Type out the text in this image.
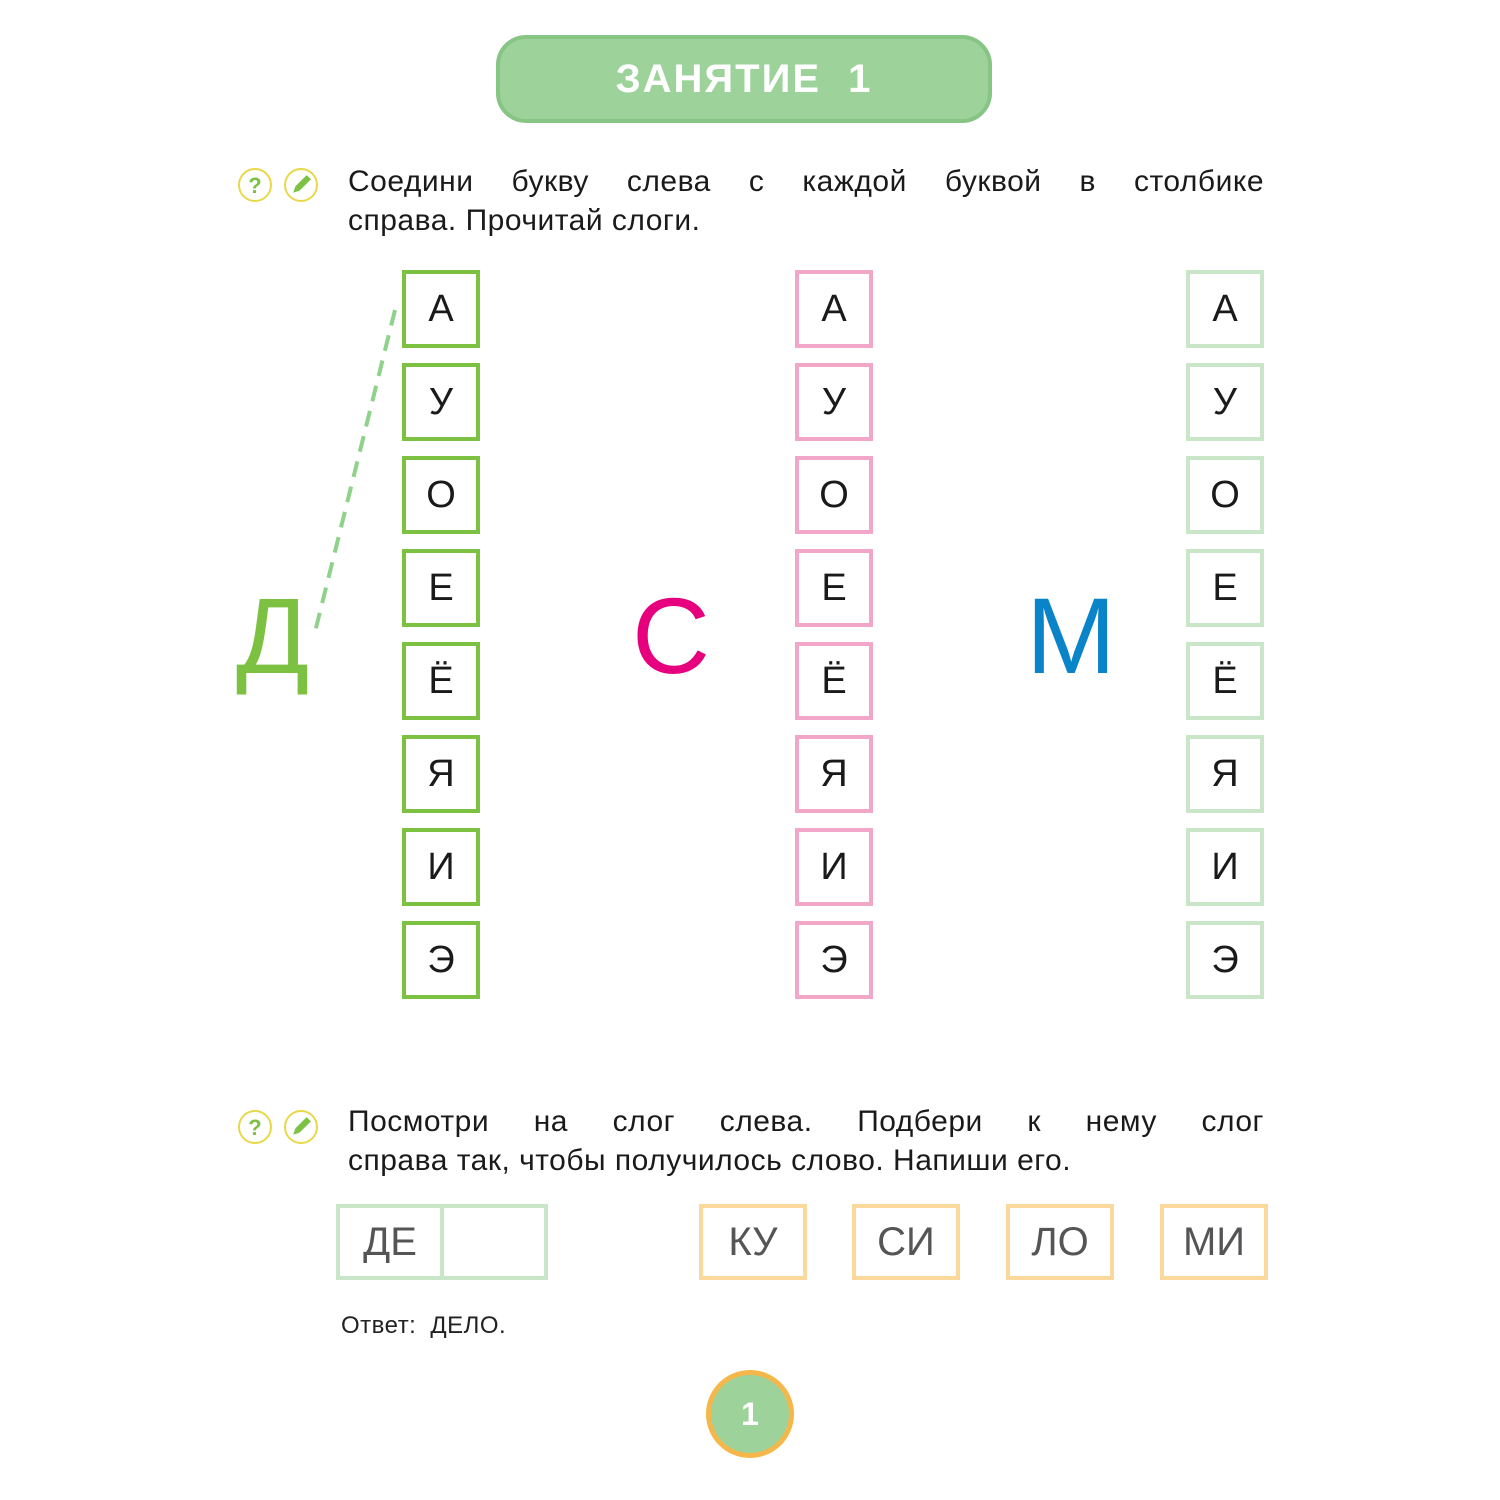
ЗАНЯТИЕ 1
?	Соедини букву слева с каждой буквой в столбике
справа. Прочитай слоги.
Д
А
У
О
Е
Ё
Я
И
Э
С
А
У
О
Е
Ё
Я
И
Э
М
А
У
О
Е
Ё
Я
И
Э
?	Посмотри на слог слева. Подбери к нему слог
справа так, чтобы получилось слово. Напиши его.
ДЕ	КУ	СИ	ЛО	МИ
Ответ: ДЕЛО.
1
